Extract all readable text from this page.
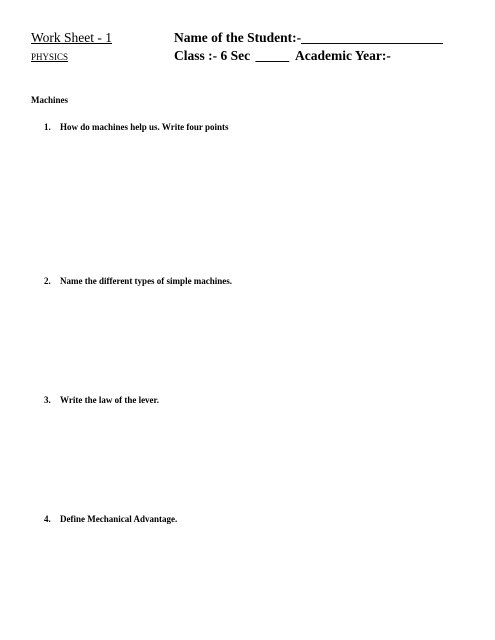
Work Sheet - 1	Name of the Student:-_____________________
PHYSICS	Class :- 6 Sec _____ Academic Year:-
Machines
1. How do machines help us. Write four points
2. Name the different types of simple machines.
3. Write the law of the lever.
4. Define Mechanical Advantage.
